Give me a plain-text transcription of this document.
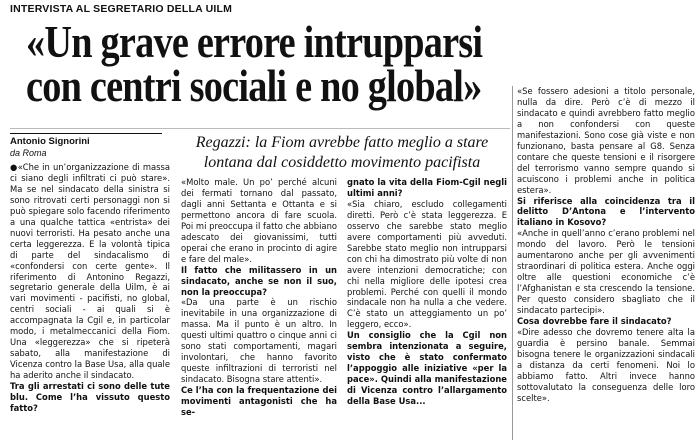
INTERVISTA AL SEGRETARIO DELLA UILM
«Un grave errore intrupparsi
con centri sociali e no global»
Antonio Signorini
da Roma
Regazzi: la Fiom avrebbe fatto meglio a stare lontana dal cosiddetto movimento pacifista

●«Che in un’organizzazione di massa ci siano degli infiltrati ci può stare». Ma se nel sindacato della sinistra si sono ritrovati certi personaggi non si può spiegare solo facendo riferimento a una qualche tattica «entrista» dei nuovi terroristi. Ha pesato anche una certa leggerezza. E la volontà tipica di parte del sindacalismo di «confondersi con certe gente». Il riferimento di Antonino Regazzi, segretario generale della Uilm, è ai vari movimenti - pacifisti, no global, centri sociali - ai quali si è accompagnata la Cgil e, in particolar modo, i metalmeccanici della Fiom. Una «leggerezza» che si ripeterà sabato, alla manifestazione di Vicenza contro la Base Usa, alla quale ha aderito anche il sindacato.

Tra gli arrestati ci sono delle tute blu. Come l’ha vissuto questo fatto?

«Molto male. Un po’ perché alcuni dei fermati tornano dal passato, dagli anni Settanta e Ottanta e si permettono ancora di fare scuola. Poi mi preoccupa il fatto che abbiano adescato dei giovanissimi, tutti operai che erano in procinto di agire e fare del male».

Il fatto che militassero in un sindacato, anche se non il suo, non la preoccupa?

«Da una parte è un rischio inevitabile in una organizzazione di massa. Ma il punto è un altro. In questi ultimi quattro o cinque anni ci sono stati comportamenti, magari involontari, che hanno favorito queste infiltrazioni di terroristi nel sindacato. Bisogna stare attenti».

Ce l’ha con la frequentazione dei movimenti antagonisti che ha se-

gnato la vita della Fiom-Cgil negli ultimi anni?

«Sia chiaro, escludo collegamenti diretti. Però c’è stata leggerezza. E osservo che sarebbe stato meglio avere comportamenti più avveduti. Sarebbe stato meglio non intrupparsi con chi ha dimostrato più volte di non avere intenzioni democratiche; con chi nella migliore delle ipotesi crea problemi. Perché con quelli il mondo sindacale non ha nulla a che vedere. C’è stato un atteggiamento un po’ leggero, ecco».

Un consiglio che la Cgil non sembra intenzionata a seguire, visto che è stato confermato l’appoggio alle iniziative «per la pace». Quindi alla manifestazione di Vicenza contro l’allargamento della Base Usa...

«Se fossero adesioni a titolo personale, nulla da dire. Però c’è di mezzo il sindacato e quindi avrebbero fatto meglio a non confondersi con queste manifestazioni. Sono cose già viste e non funzionano, basta pensare al G8. Senza contare che queste tensioni e il risorgere del terrorismo vanno sempre quando si acuiscono i problemi anche in politica estera».

Si riferisce alla coincidenza tra il delitto D’Antona e l’intervento italiano in Kosovo?

«Anche in quell’anno c’erano problemi nel mondo del lavoro. Però le tensioni aumentarono anche per gli avvenimenti straordinari di politica estera. Anche oggi oltre alle questioni economiche c’è l’Afghanistan e sta crescendo la tensione. Per questo considero sbagliato che il sindacato partecipi».

Cosa dovrebbe fare il sindacato?

«Dire adesso che dovremo tenere alta la guardia è persino banale. Semmai bisogna tenere le organizzazioni sindacali a distanza da certi fenomeni. Noi lo abbiamo fatto. Altri invece hanno sottovalutato la conseguenza delle loro scelte».
